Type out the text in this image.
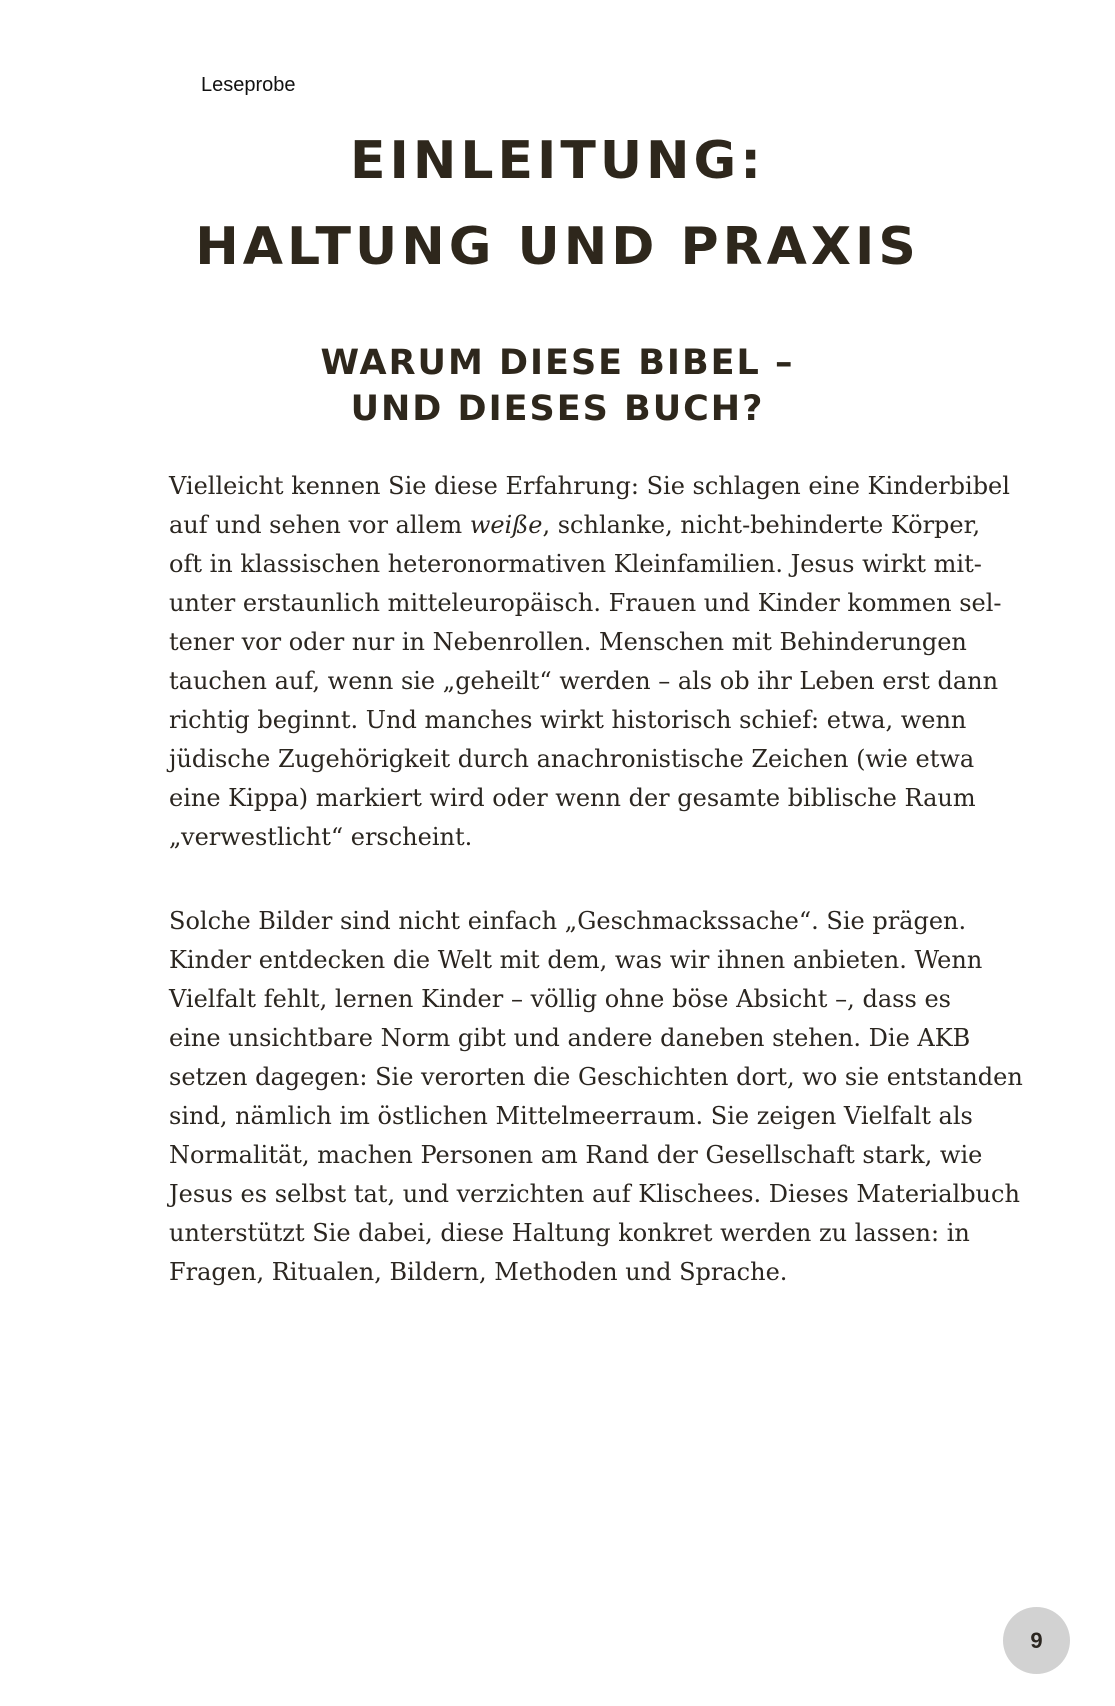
Leseprobe
EINLEITUNG:
HALTUNG UND PRAXIS
WARUM DIESE BIBEL –
UND DIESES BUCH?

Vielleicht kennen Sie diese Erfahrung: Sie schlagen eine Kinderbibel
auf und sehen vor allem weiße, schlanke, nicht-behinderte Körper,
oft in klassischen heteronormativen Kleinfamilien. Jesus wirkt mit-
unter erstaunlich mitteleuropäisch. Frauen und Kinder kommen sel-
tener vor oder nur in Nebenrollen. Menschen mit Behinderungen
tauchen auf, wenn sie „geheilt“ werden – als ob ihr Leben erst dann
richtig beginnt. Und manches wirkt historisch schief: etwa, wenn
jüdische Zugehörigkeit durch anachronistische Zeichen (wie etwa
eine Kippa) markiert wird oder wenn der gesamte biblische Raum
„verwestlicht“ erscheint.

Solche Bilder sind nicht einfach „Geschmackssache“. Sie prägen.
Kinder entdecken die Welt mit dem, was wir ihnen anbieten. Wenn
Vielfalt fehlt, lernen Kinder – völlig ohne böse Absicht –, dass es
eine unsichtbare Norm gibt und andere daneben stehen. Die AKB
setzen dagegen: Sie verorten die Geschichten dort, wo sie entstanden
sind, nämlich im östlichen Mittelmeerraum. Sie zeigen Vielfalt als
Normalität, machen Personen am Rand der Gesellschaft stark, wie
Jesus es selbst tat, und verzichten auf Klischees. Dieses Materialbuch
unterstützt Sie dabei, diese Haltung konkret werden zu lassen: in
Fragen, Ritualen, Bildern, Methoden und Sprache.

9
